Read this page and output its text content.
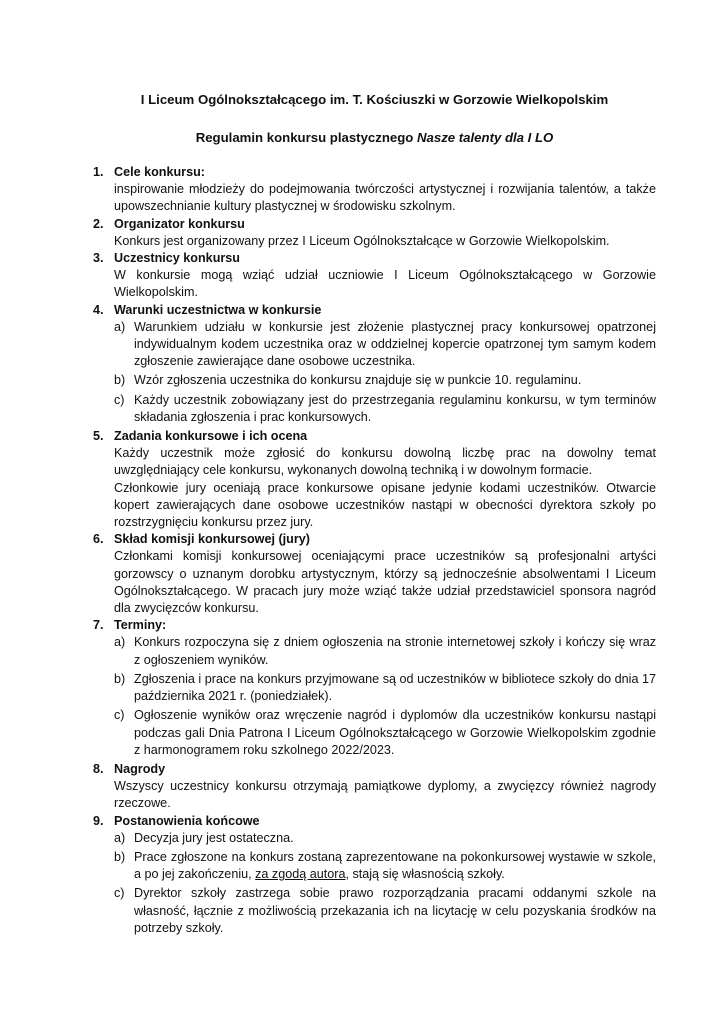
I Liceum Ogólnokształcącego im. T. Kościuszki w Gorzowie Wielkopolskim
Regulamin konkursu plastycznego Nasze talenty dla I LO
1. Cele konkursu:
inspirowanie młodzieży do podejmowania twórczości artystycznej i rozwijania talentów, a także upowszechnianie kultury plastycznej w środowisku szkolnym.
2. Organizator konkursu
Konkurs jest organizowany przez I Liceum Ogólnokształcące w Gorzowie Wielkopolskim.
3. Uczestnicy konkursu
W konkursie mogą wziąć udział uczniowie I Liceum Ogólnokształcącego w Gorzowie Wielkopolskim.
4. Warunki uczestnictwa w konkursie
a) Warunkiem udziału w konkursie jest złożenie plastycznej pracy konkursowej opatrzonej indywidualnym kodem uczestnika oraz w oddzielnej kopercie opatrzonej tym samym kodem zgłoszenie zawierające dane osobowe uczestnika.
b) Wzór zgłoszenia uczestnika do konkursu znajduje się w punkcie 10. regulaminu.
c) Każdy uczestnik zobowiązany jest do przestrzegania regulaminu konkursu, w tym terminów składania zgłoszenia i prac konkursowych.
5. Zadania konkursowe i ich ocena
Każdy uczestnik może zgłosić do konkursu dowolną liczbę prac na dowolny temat uwzględniający cele konkursu, wykonanych dowolną techniką i w dowolnym formacie.
Członkowie jury oceniają prace konkursowe opisane jedynie kodami uczestników. Otwarcie kopert zawierających dane osobowe uczestników nastąpi w obecności dyrektora szkoły po rozstrzygnięciu konkursu przez jury.
6. Skład komisji konkursowej (jury)
Członkami komisji konkursowej oceniającymi prace uczestników są profesjonalni artyści gorzowscy o uznanym dorobku artystycznym, którzy są jednocześnie absolwentami I Liceum Ogólnokształcącego. W pracach jury może wziąć także udział przedstawiciel sponsora nagród dla zwycięzców konkursu.
7. Terminy:
a) Konkurs rozpoczyna się z dniem ogłoszenia na stronie internetowej szkoły i kończy się wraz z ogłoszeniem wyników.
b) Zgłoszenia i prace na konkurs przyjmowane są od uczestników w bibliotece szkoły do dnia 17 października 2021 r. (poniedziałek).
c) Ogłoszenie wyników oraz wręczenie nagród i dyplomów dla uczestników konkursu nastąpi podczas gali Dnia Patrona I Liceum Ogólnokształcącego w Gorzowie Wielkopolskim zgodnie z harmonogramem roku szkolnego 2022/2023.
8. Nagrody
Wszyscy uczestnicy konkursu otrzymają pamiątkowe dyplomy, a zwycięzcy również nagrody rzeczowe.
9. Postanowienia końcowe
a) Decyzja jury jest ostateczna.
b) Prace zgłoszone na konkurs zostaną zaprezentowane na pokonkursowej wystawie w szkole, a po jej zakończeniu, za zgodą autora, stają się własnością szkoły.
c) Dyrektor szkoły zastrzega sobie prawo rozporządzania pracami oddanymi szkole na własność, łącznie z możliwością przekazania ich na licytację w celu pozyskania środków na potrzeby szkoły.
